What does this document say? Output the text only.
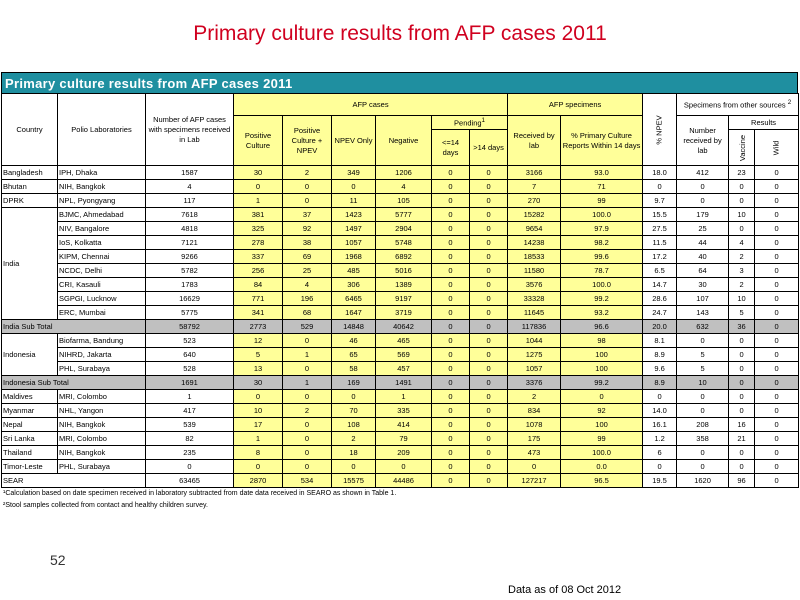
Primary culture results from AFP cases 2011
Primary culture results from AFP cases 2011
Country	Polio Laboratories	Number of AFP cases with specimens received in Lab	AFP cases						AFP specimens		% NPEV	Specimens from other sources $^2$
			Positive Culture	Positive Culture + NPEV	NPEV Only	Negative	Pending$^1$		Received by lab	% Primary Culture Reports Within 14 days		Number received by lab	Results	
							<=14 days	>14 days					Vaccine	Wild
Bangladesh	IPH, Dhaka	1587	30	2	349	1206	0	0	3166	93.0	18.0	412	23	0
Bhutan	NIH, Bangkok	4	0	0	0	4	0	0	7	71	0	0	0	0
DPRK	NPL, Pyongyang	117	1	0	11	105	0	0	270	99	9.7	0	0	0
India	BJMC, Ahmedabad	7618	381	37	1423	5777	0	0	15282	100.0	15.5	179	10	0
	NIV, Bangalore	4818	325	92	1497	2904	0	0	9654	97.9	27.5	25	0	0
	IoS, Kolkatta	7121	278	38	1057	5748	0	0	14238	98.2	11.5	44	4	0
	KIPM, Chennai	9266	337	69	1968	6892	0	0	18533	99.6	17.2	40	2	0
	NCDC, Delhi	5782	256	25	485	5016	0	0	11580	78.7	6.5	64	3	0
	CRI, Kasauli	1783	84	4	306	1389	0	0	3576	100.0	14.7	30	2	0
	SGPGI, Lucknow	16629	771	196	6465	9197	0	0	33328	99.2	28.6	107	10	0
	ERC, Mumbai	5775	341	68	1647	3719	0	0	11645	93.2	24.7	143	5	0
India Sub Total		58792	2773	529	14848	40642	0	0	117836	96.6	20.0	632	36	0
Indonesia	Biofarma, Bandung	523	12	0	46	465	0	0	1044	98	8.1	0	0	0
	NIHRD, Jakarta	640	5	1	65	569	0	0	1275	100	8.9	5	0	0
	PHL, Surabaya	528	13	0	58	457	0	0	1057	100	9.6	5	0	0
Indonesia Sub Total		1691	30	1	169	1491	0	0	3376	99.2	8.9	10	0	0
Maldives	MRI, Colombo	1	0	0	0	1	0	0	2	0	0	0	0	0
Myanmar	NHL, Yangon	417	10	2	70	335	0	0	834	92	14.0	0	0	0
Nepal	NIH, Bangkok	539	17	0	108	414	0	0	1078	100	16.1	208	16	0
Sri Lanka	MRI, Colombo	82	1	0	2	79	0	0	175	99	1.2	358	21	0
Thailand	NIH, Bangkok	235	8	0	18	209	0	0	473	100.0	6	0	0	0
Timor-Leste	PHL, Surabaya	0	0	0	0	0	0	0	0	0.0	0	0	0	0
SEAR		63465	2870	534	15575	44486	0	0	127217	96.5	19.5	1620	96	0
¹Calculation based on date specimen received in laboratory subtracted from date data received in SEARO as shown in Table 1.
²Stool samples collected from contact and healthy children survey.
52
Data as of 08 Oct 2012
